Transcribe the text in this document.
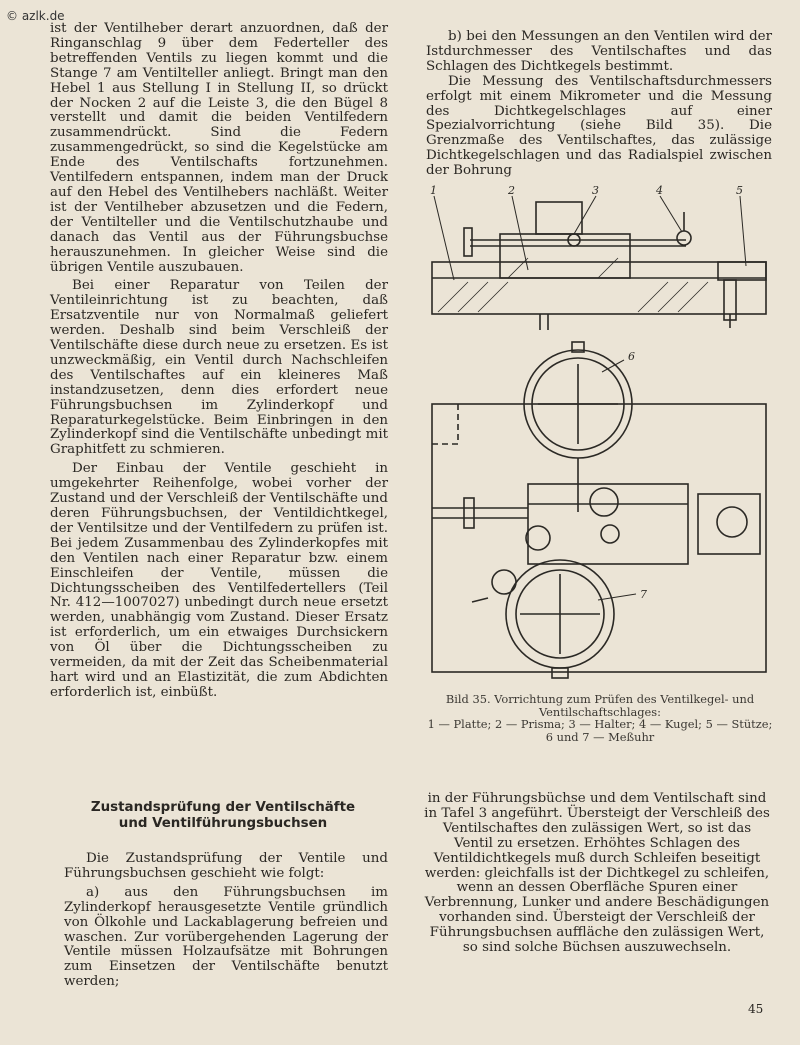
© azlk.de

ist der Ventilheber derart anzuordnen, daß der Ringanschlag 9 über dem Federteller des betreffenden Ventils zu liegen kommt und die Stange 7 am Ventilteller anliegt. Bringt man den Hebel 1 aus Stellung I in Stellung II, so drückt der Nocken 2 auf die Leiste 3, die den Bügel 8 verstellt und damit die beiden Ventilfedern zusammendrückt. Sind die Federn zusammengedrückt, so sind die Kegelstücke am Ende des Ventilschafts fortzunehmen. Ventilfedern entspannen, indem man der Druck auf den Hebel des Ventilhebers nachläßt. Weiter ist der Ventilheber abzusetzen und die Federn, der Ventilteller und die Ventilschutzhaube und danach das Ventil aus der Führungsbuchse herauszunehmen. In gleicher Weise sind die übrigen Ventile auszubauen.

Bei einer Reparatur von Teilen der Ventileinrichtung ist zu beachten, daß Ersatzventile nur von Normalmaß geliefert werden. Deshalb sind beim Verschleiß der Ventilschäfte diese durch neue zu ersetzen. Es ist unzweckmäßig, ein Ventil durch Nachschleifen des Ventilschaftes auf ein kleineres Maß instandzusetzen, denn dies erfordert neue Führungsbuchsen im Zylinderkopf und Reparaturkegelstücke. Beim Einbringen in den Zylinderkopf sind die Ventilschäfte unbedingt mit Graphitfett zu schmieren.

Der Einbau der Ventile geschieht in umgekehrter Reihenfolge, wobei vorher der Zustand und der Verschleiß der Ventilschäfte und deren Führungsbuchsen, der Ventildichtkegel, der Ventilsitze und der Ventilfedern zu prüfen ist. Bei jedem Zusammenbau des Zylinderkopfes mit den Ventilen nach einer Reparatur bzw. einem Einschleifen der Ventile, müssen die Dichtungsscheiben des Ventilfedertellers (Teil Nr. 412—1007027) unbedingt durch neue ersetzt werden, unabhängig vom Zustand. Dieser Ersatz ist erforderlich, um ein etwaiges Durchsickern von Öl über die Dichtungsscheiben zu vermeiden, da mit der Zeit das Scheibenmaterial hart wird und an Elastizität, die zum Abdichten erforderlich ist, einbüßt.

b) bei den Messungen an den Ventilen wird der Istdurchmesser des Ventilschaftes und das Schlagen des Dichtkegels bestimmt.

Die Messung des Ventilschaftsdurchmessers erfolgt mit einem Mikrometer und die Messung des Dichtkegelschlages auf einer Spezialvorrichtung (siehe Bild 35). Die Grenzmaße des Ventilschaftes, das zulässige Dichtkegelschlagen und das Radialspiel zwischen der Bohrung

1	2	3	4	5
6
7

Bild 35. Vorrichtung zum Prüfen des Ventilkegel- und Ventilschaftschlages:

1 — Platte; 2 — Prisma; 3 — Halter; 4 — Kugel; 5 — Stütze; 6 und 7 — Meßuhr

Zustandsprüfung der Ventilschäfte
und Ventilführungsbuchsen

Die Zustandsprüfung der Ventile und Führungsbuchsen geschieht wie folgt:

a) aus den Führungsbuchsen im Zylinderkopf herausgesetzte Ventile gründlich von Ölkohle und Lackablagerung befreien und waschen. Zur vorübergehenden Lagerung der Ventile müssen Holzaufsätze mit Bohrungen zum Einsetzen der Ventilschäfte benutzt werden;

in der Führungsbüchse und dem Ventilschaft sind in Tafel 3 angeführt. Übersteigt der Verschleiß des Ventilschaftes den zulässigen Wert, so ist das Ventil zu ersetzen. Erhöhtes Schlagen des Ventildichtkegels muß durch Schleifen beseitigt werden: gleichfalls ist der Dichtkegel zu schleifen, wenn an dessen Oberfläche Spuren einer Verbrennung, Lunker und andere Beschädigungen vorhanden sind. Übersteigt der Verschleiß der Führungsbuchsen auffläche den zulässigen Wert, so sind solche Büchsen auszuwechseln.

45
